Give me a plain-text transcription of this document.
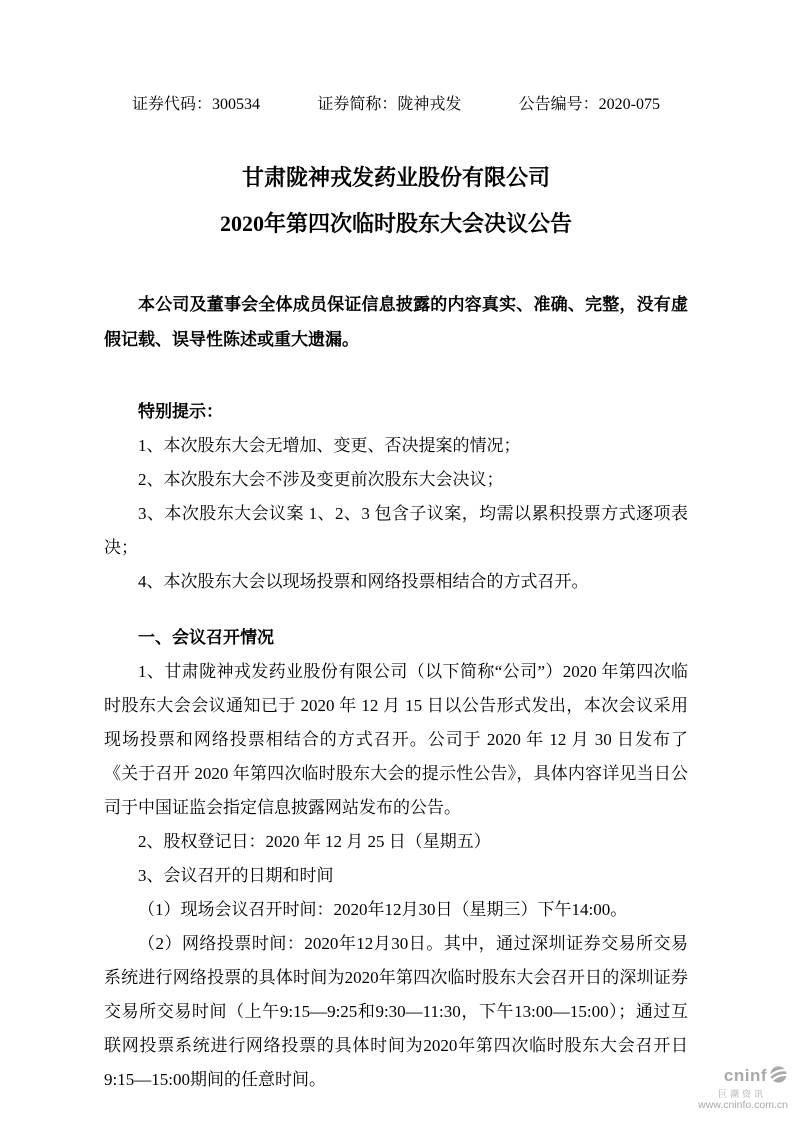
证券代码：300534	证券简称：陇神戎发	公告编号：2020-075
甘肃陇神戎发药业股份有限公司
2020年第四次临时股东大会决议公告

本公司及董事会全体成员保证信息披露的内容真实、准确、完整，没有虚假记载、误导性陈述或重大遗漏。

特别提示：

1、本次股东大会无增加、变更、否决提案的情况；

2、本次股东大会不涉及变更前次股东大会决议；

3、本次股东大会议案 1、2、3 包含子议案，均需以累积投票方式逐项表决；

4、本次股东大会以现场投票和网络投票相结合的方式召开。

一、会议召开情况

1、甘肃陇神戎发药业股份有限公司（以下简称“公司”）2020 年第四次临时股东大会会议通知已于 2020 年 12 月 15 日以公告形式发出，本次会议采用现场投票和网络投票相结合的方式召开。公司于 2020 年 12 月 30 日发布了《关于召开 2020 年第四次临时股东大会的提示性公告》，具体内容详见当日公司于中国证监会指定信息披露网站发布的公告。

2、股权登记日：2020 年 12 月 25 日（星期五）

3、会议召开的日期和时间

（1）现场会议召开时间：2020年12月30日（星期三）下午14:00。

（2）网络投票时间：2020年12月30日。其中，通过深圳证券交易所交易系统进行网络投票的具体时间为2020年第四次临时股东大会召开日的深圳证券交易所交易时间（上午9:15—9:25和9:30—11:30，下午13:00—15:00）；通过互联网投票系统进行网络投票的具体时间为2020年第四次临时股东大会召开日9:15—15:00期间的任意时间。	cninf
巨潮资讯
www.cninfo.com.cn
